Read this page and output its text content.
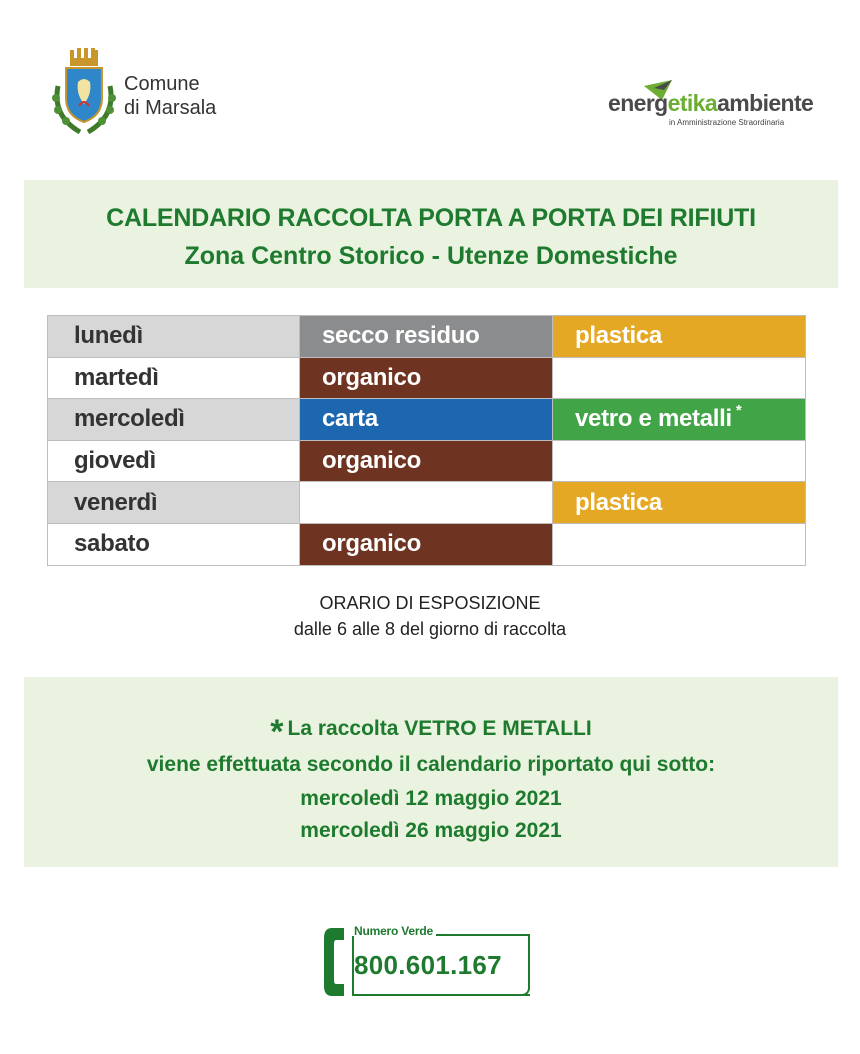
Comune
di Marsala	energetikaambiente
in Amministrazione Straordinaria
CALENDARIO RACCOLTA PORTA A PORTA DEI RIFIUTI
Zona Centro Storico - Utenze Domestiche
lunedì	secco residuo	plastica
martedì	organico	
mercoledì	carta	vetro e metalli *
giovedì	organico	
venerdì		plastica
sabato	organico	
ORARIO DI ESPOSIZIONE
dalle 6 alle 8 del giorno di raccolta
* La raccolta VETRO E METALLI
viene effettuata secondo il calendario riportato qui sotto:
mercoledì 12 maggio 2021
mercoledì 26 maggio 2021
Numero Verde
800.601.167
